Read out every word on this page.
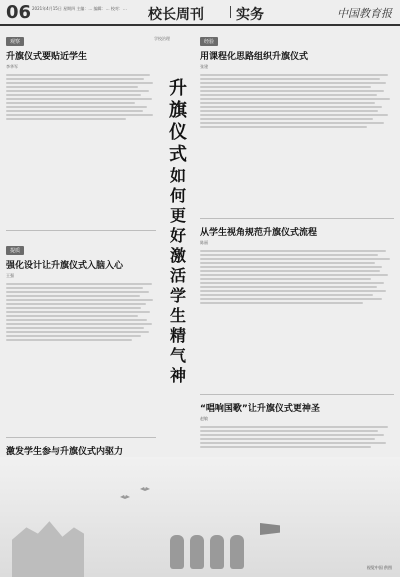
06 2021年4月15日 星期四 主编：… 编辑：… 校对：…	校长周刊 实务	中国教育报
观察
升旗仪式要贴近学生
李华军
提质
强化设计让升旗仪式入脑入心
王强
激发学生参与升旗仪式内驱力
学校治理
升
旗
仪
式
如
何
更
好
激
活
学
生
精
气
神
经验
用课程化思路组织升旗仪式
张建
从学生视角规范升旗仪式流程
陈丽
“唱响国歌”让升旗仪式更神圣
赵敏
视觉中国 供图
